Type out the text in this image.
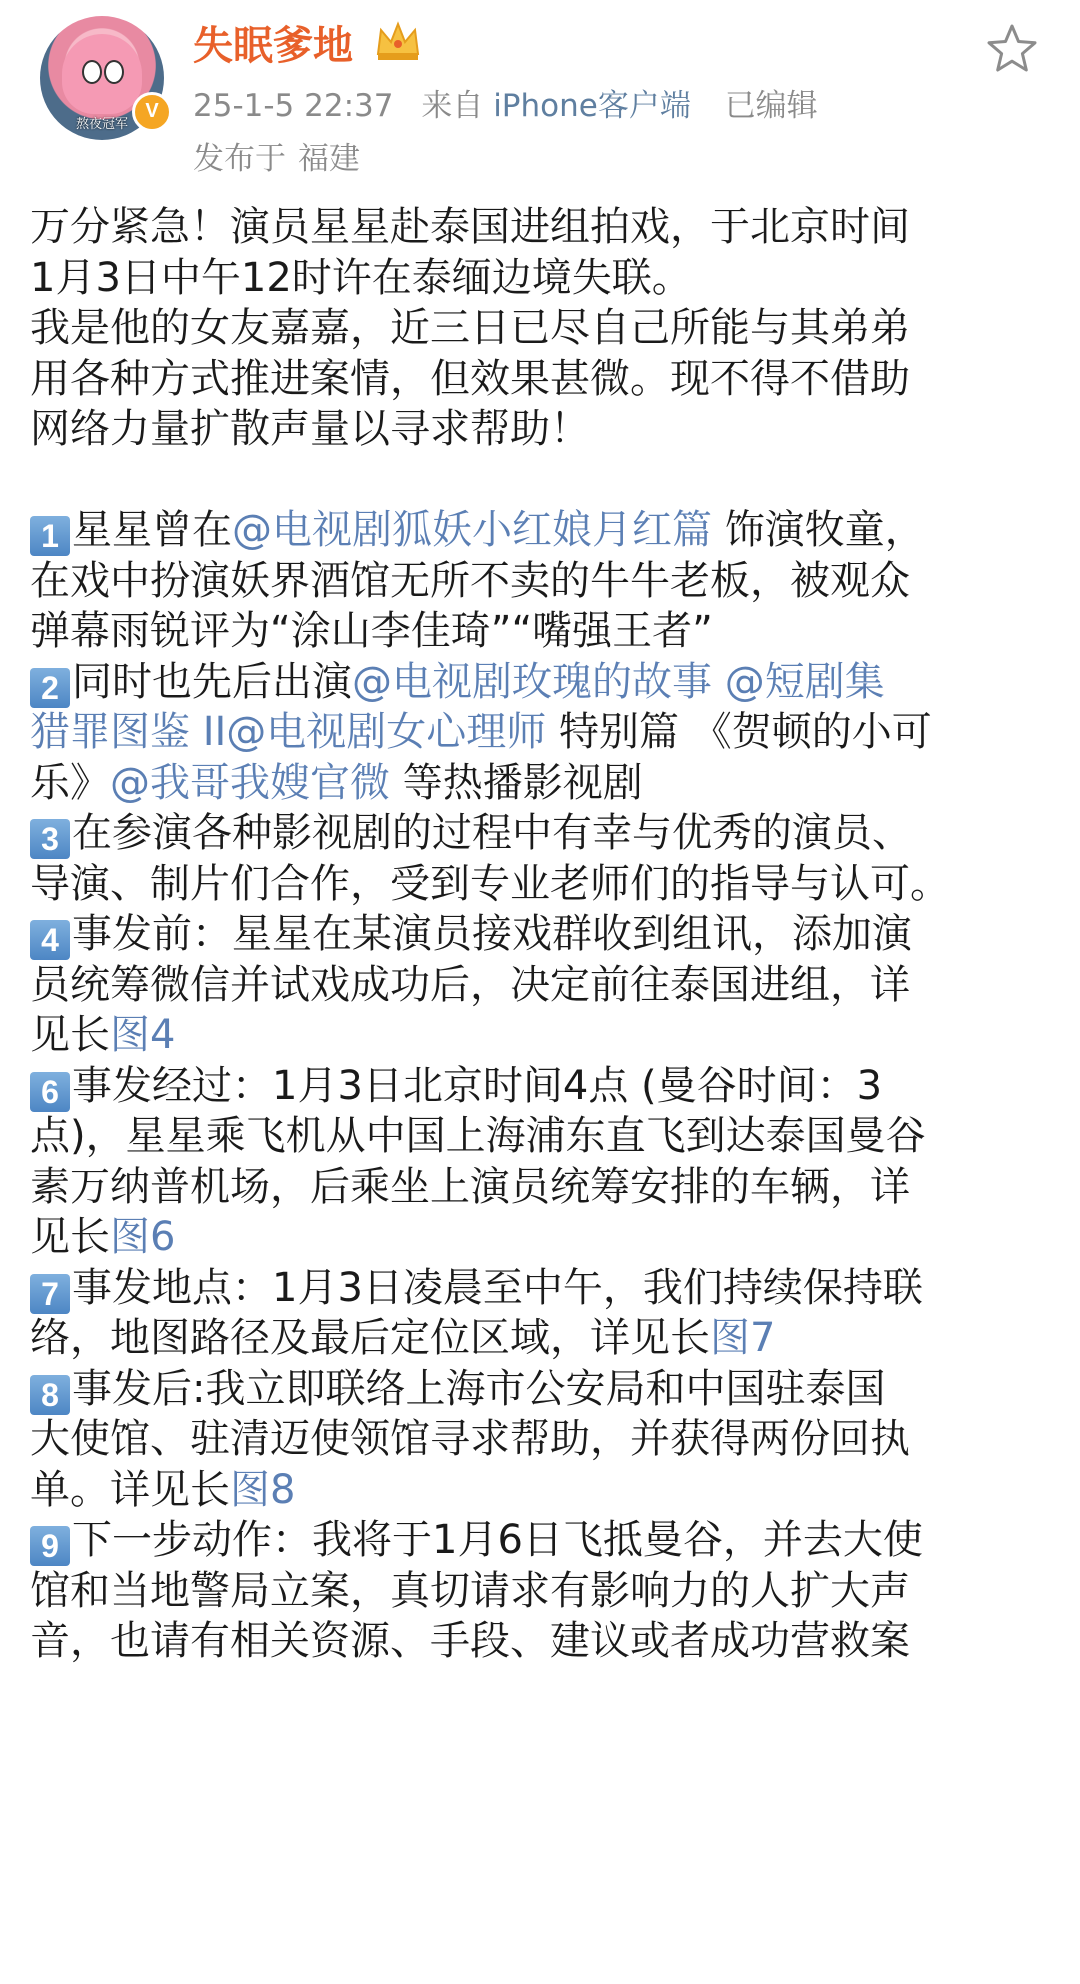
熬夜冠军
V
失眠爹地
25-1-5 22:37 来自 iPhone客户端 已编辑
发布于 福建
万分紧急！演员星星赴泰国进组拍戏，于北京时间
1月3日中午12时许在泰缅边境失联。
我是他的女友嘉嘉，近三日已尽自己所能与其弟弟
用各种方式推进案情，但效果甚微。现不得不借助
网络力量扩散声量以寻求帮助！
1 星星曾在@电视剧狐妖小红娘月红篇 饰演牧童，
在戏中扮演妖界酒馆无所不卖的牛牛老板，被观众
弹幕雨锐评为“涂山李佳琦”“嘴强王者”
2 同时也先后出演@电视剧玫瑰的故事 @短剧集
猎罪图鉴 II@电视剧女心理师 特别篇 《贺顿的小可
乐》@我哥我嫂官微 等热播影视剧
3 在参演各种影视剧的过程中有幸与优秀的演员、
导演、制片们合作，受到专业老师们的指导与认可。
4 事发前：星星在某演员接戏群收到组讯，添加演
员统筹微信并试戏成功后，决定前往泰国进组，详
见长图4
6 事发经过：1月3日北京时间4点 (曼谷时间：3
点)，星星乘飞机从中国上海浦东直飞到达泰国曼谷
素万纳普机场，后乘坐上演员统筹安排的车辆，详
见长图6
7 事发地点：1月3日凌晨至中午，我们持续保持联
络，地图路径及最后定位区域，详见长图7
8 事发后:我立即联络上海市公安局和中国驻泰国
大使馆、驻清迈使领馆寻求帮助，并获得两份回执
单。详见长图8
9 下一步动作：我将于1月6日飞抵曼谷，并去大使
馆和当地警局立案，真切请求有影响力的人扩大声
音，也请有相关资源、手段、建议或者成功营救案
